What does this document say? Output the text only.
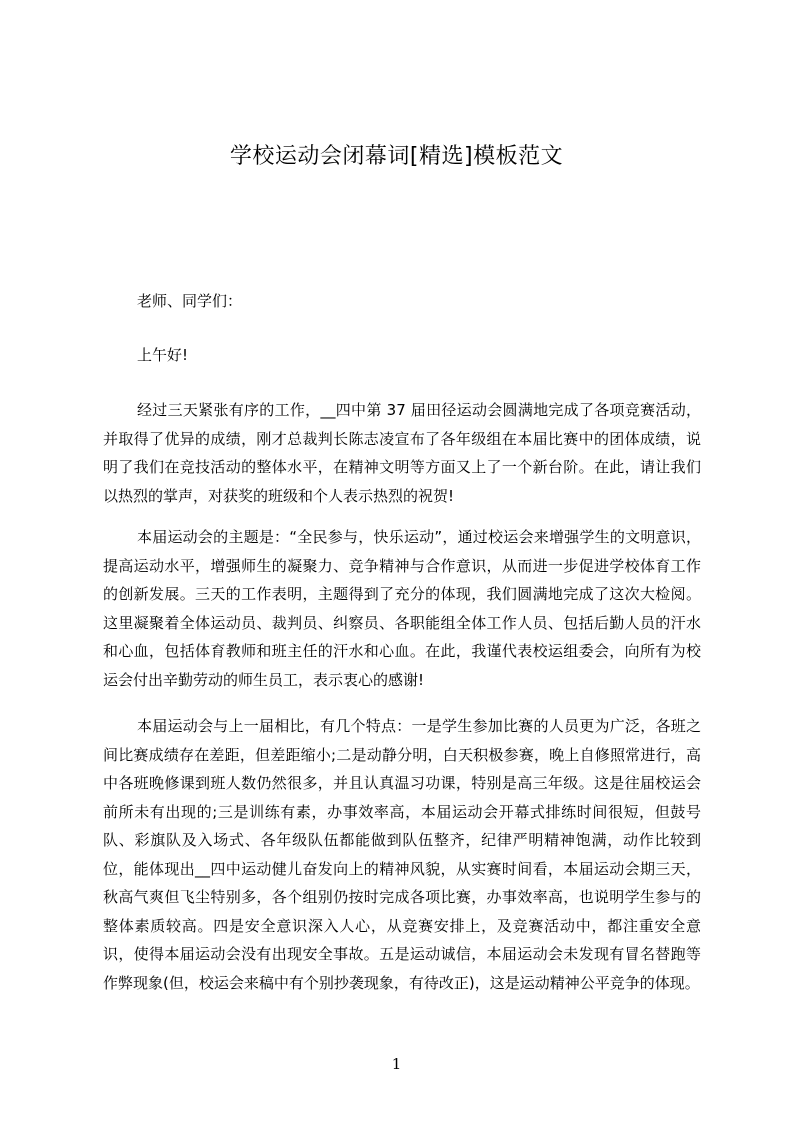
学校运动会闭幕词[精选]模板范文
老师、同学们：
上午好!
经过三天紧张有序的工作，__四中第 37 届田径运动会圆满地完成了各项竞赛活动，并取得了优异的成绩，刚才总裁判长陈志凌宣布了各年级组在本届比赛中的团体成绩，说明了我们在竞技活动的整体水平，在精神文明等方面又上了一个新台阶。在此，请让我们以热烈的掌声，对获奖的班级和个人表示热烈的祝贺!
本届运动会的主题是：“全民参与，快乐运动”，通过校运会来增强学生的文明意识，提高运动水平，增强师生的凝聚力、竞争精神与合作意识，从而进一步促进学校体育工作的创新发展。三天的工作表明，主题得到了充分的体现，我们圆满地完成了这次大检阅。这里凝聚着全体运动员、裁判员、纠察员、各职能组全体工作人员、包括后勤人员的汗水和心血，包括体育教师和班主任的汗水和心血。在此，我谨代表校运组委会，向所有为校运会付出辛勤劳动的师生员工，表示衷心的感谢!
本届运动会与上一届相比，有几个特点：一是学生参加比赛的人员更为广泛，各班之间比赛成绩存在差距，但差距缩小;二是动静分明，白天积极参赛，晚上自修照常进行，高中各班晚修课到班人数仍然很多，并且认真温习功课，特别是高三年级。这是往届校运会前所未有出现的;三是训练有素，办事效率高，本届运动会开幕式排练时间很短，但鼓号队、彩旗队及入场式、各年级队伍都能做到队伍整齐，纪律严明精神饱满，动作比较到位，能体现出__四中运动健儿奋发向上的精神风貌，从实赛时间看，本届运动会期三天，秋高气爽但飞尘特别多，各个组别仍按时完成各项比赛，办事效率高，也说明学生参与的整体素质较高。四是安全意识深入人心，从竞赛安排上，及竞赛活动中，都注重安全意识，使得本届运动会没有出现安全事故。五是运动诚信，本届运动会未发现有冒名替跑等作弊现象(但，校运会来稿中有个别抄袭现象，有待改正)，这是运动精神公平竞争的体现。
1
